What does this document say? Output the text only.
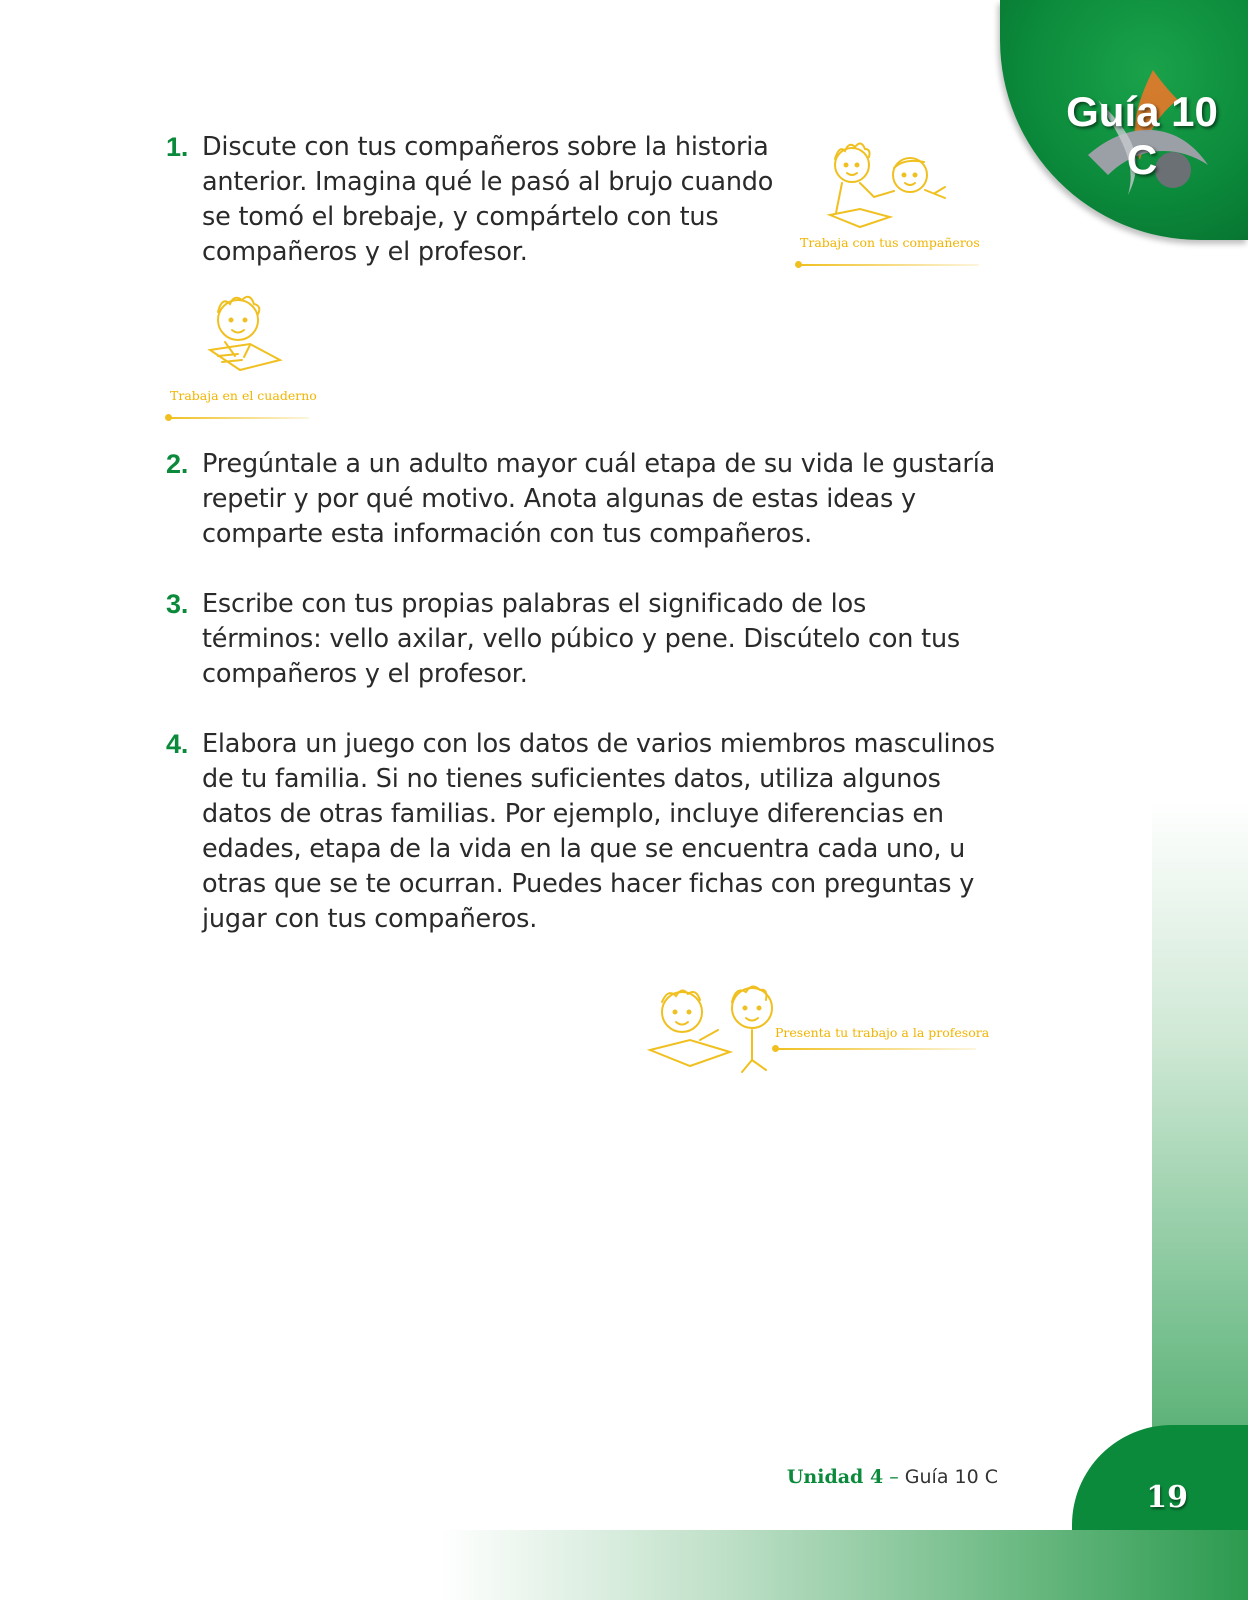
Guía 10
C
1. Discute con tus compañeros sobre la historia anterior. Imagina qué le pasó al brujo cuando se tomó el brebaje, y compártelo con tus compañeros y el profesor.	Trabaja con tus compañeros
Trabaja en el cuaderno
2. Pregúntale a un adulto mayor cuál etapa de su vida le gustaría repetir y por qué motivo. Anota algunas de estas ideas y comparte esta información con tus compañeros.
3. Escribe con tus propias palabras el significado de los términos: vello axilar, vello púbico y pene. Discútelo con tus compañeros y el profesor.
4. Elabora un juego con los datos de varios miembros masculinos de tu familia. Si no tienes suficientes datos, utiliza algunos datos de otras familias. Por ejemplo, incluye diferencias en edades, etapa de la vida en la que se encuentra cada uno, u otras que se te ocurran. Puedes hacer fichas con preguntas y jugar con tus compañeros.
Presenta tu trabajo a la profesora
Unidad 4 – Guía 10 C
19
